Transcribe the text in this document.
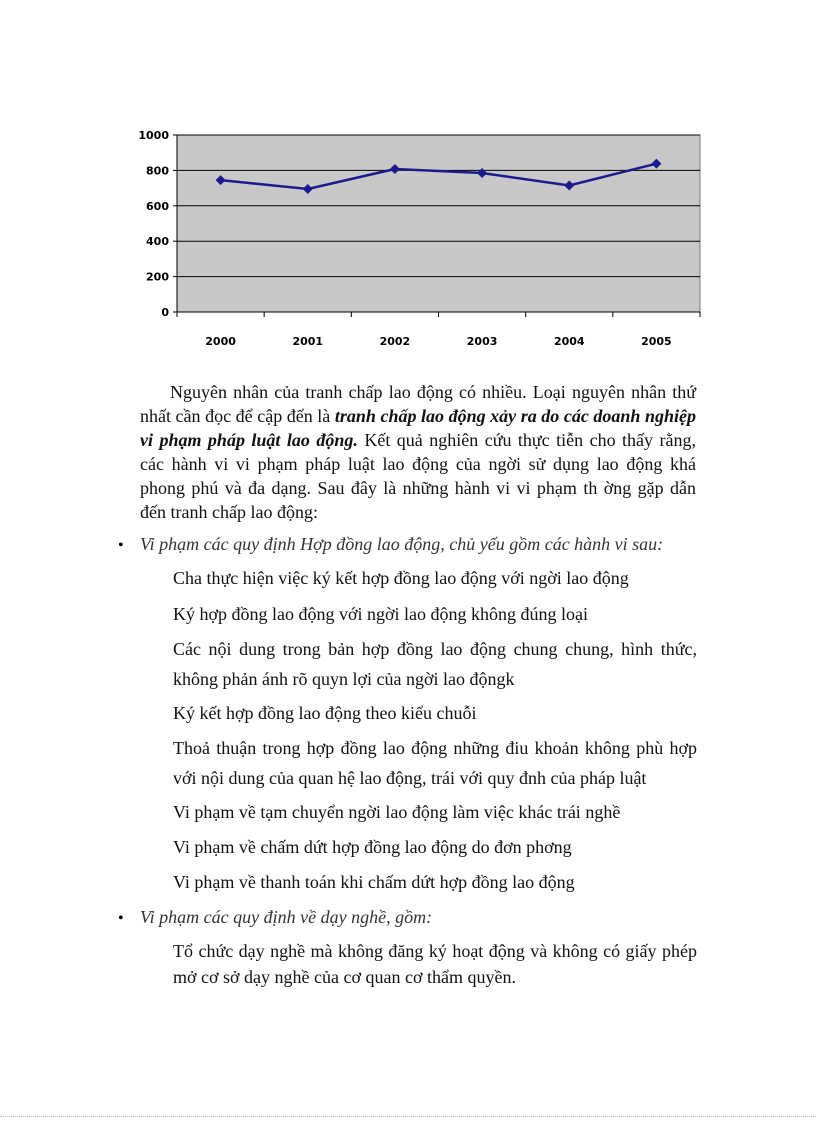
0
200
400
600
800
1000
2000	2001	2002	2003	2004	2005
Nguyên nhân của tranh chấp lao động có nhiều. Loại nguyên nhân thứ nhất cần đọc để cập đến là tranh chấp lao động xảy ra do các doanh nghiệp vi phạm pháp luật lao động. Kết quả nghiên cứu thực tiễn cho thấy rằng, các hành vi vi phạm pháp luật lao động của ngời sử dụng lao động khá phong phú và đa dạng. Sau đây là những hành vi vi phạm th ờng gặp dẫn đến tranh chấp lao động:
• Vi phạm các quy định Hợp đồng lao động, chủ yếu gồm các hành vi sau:
Cha thực hiện việc ký kết hợp đồng lao động với ngời lao động
Ký hợp đồng lao động với ngời lao động không đúng loại
Các nội dung trong bản hợp đồng lao động chung chung, hình thức, không phản ánh rõ quyn lợi của ngời lao độngk
Ký kết hợp đồng lao động theo kiểu chuỗi
Thoả thuận trong hợp đồng lao động những điu khoản không phù hợp với nội dung của quan hệ lao động, trái với quy đnh của pháp luật
Vi phạm về tạm chuyển ngời lao động làm việc khác trái nghề
Vi phạm về chấm dứt hợp đồng lao động do đơn phơng
Vi phạm về thanh toán khi chấm dứt hợp đồng lao động
• Vi phạm các quy định về dạy nghề, gồm:
Tổ chức dạy nghề mà không đăng ký hoạt động và không có giấy phép mở cơ sở dạy nghề của cơ quan cơ thẩm quyền.
